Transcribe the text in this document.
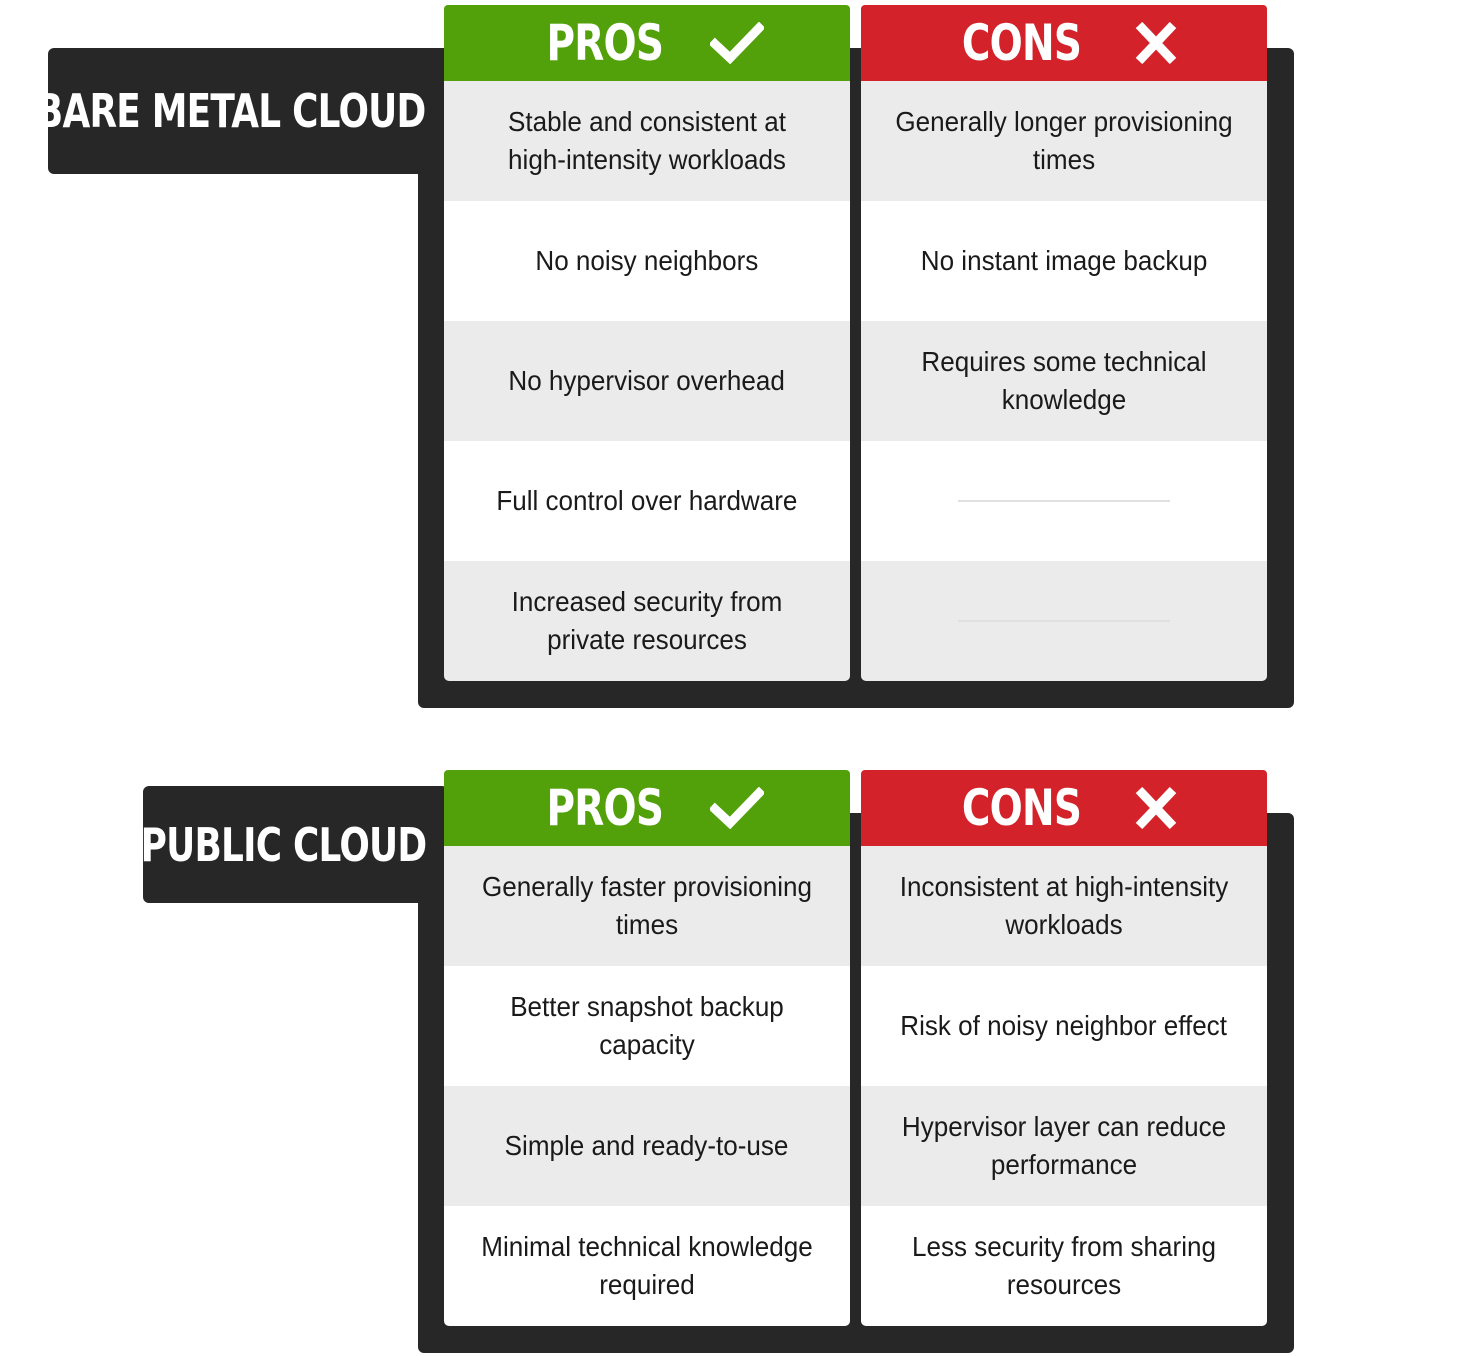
BARE METAL CLOUD
PROS
Stable and consistent at high-intensity workloads
No noisy neighbors
No hypervisor overhead
Full control over hardware
Increased security from private resources
CONS
Generally longer provisioning times
No instant image backup
Requires some technical knowledge
PUBLIC CLOUD
PROS
Generally faster provisioning times
Better snapshot backup capacity
Simple and ready-to-use
Minimal technical knowledge required
CONS
Inconsistent at high-intensity workloads
Risk of noisy neighbor effect
Hypervisor layer can reduce performance
Less security from sharing resources
